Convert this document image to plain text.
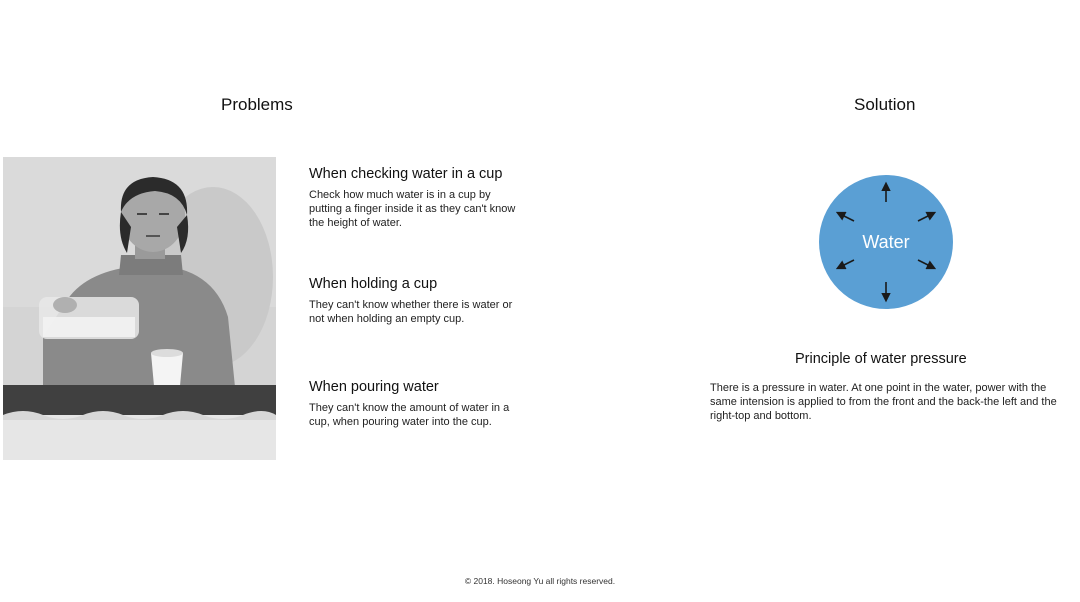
Problems	Solution
When checking water in a cup

Check how much water is in a cup by putting a finger inside it as they can't know the height of water.

When holding a cup

They can't know whether there is water or not when holding an empty cup.

When pouring water

They can't know the amount of water in a cup, when pouring water into the cup.

Water
Principle of water pressure

There is a pressure in water. At one point in the water, power with the same intension is applied to from the front and the back-the left and the right-top and bottom.

© 2018. Hoseong Yu all rights reserved.
